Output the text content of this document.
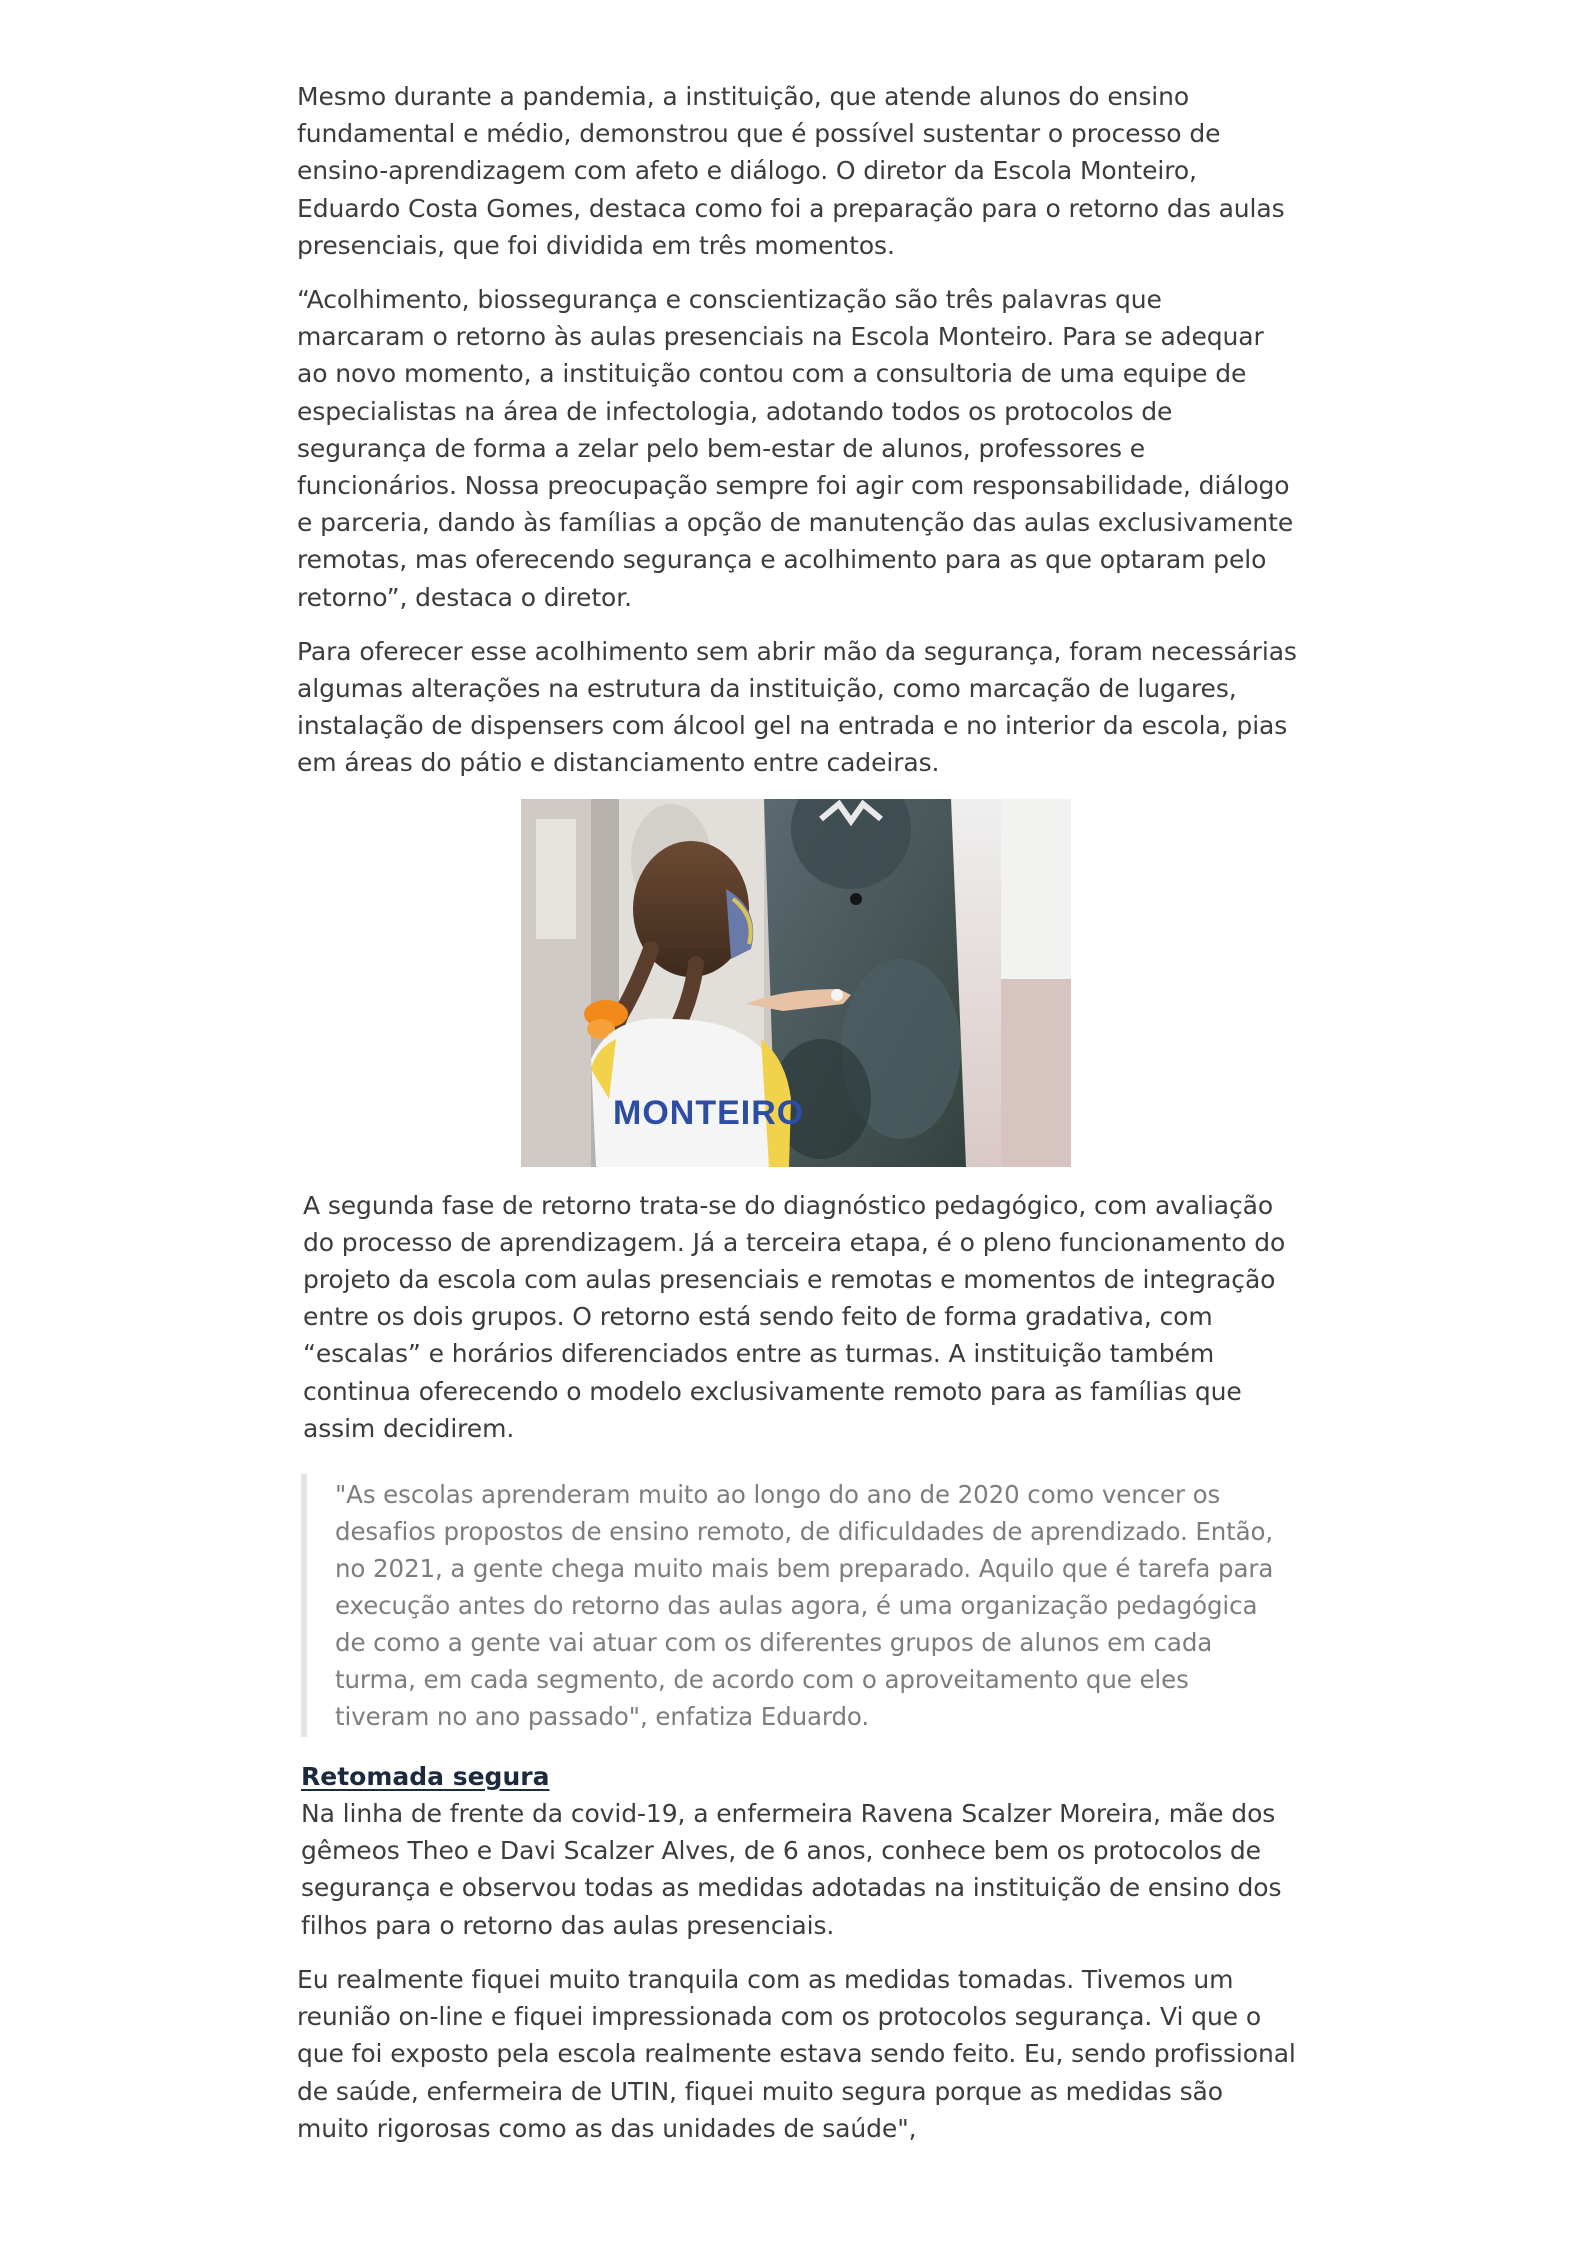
Mesmo durante a pandemia, a instituição, que atende alunos do ensino fundamental e médio, demonstrou que é possível sustentar o processo de ensino-aprendizagem com afeto e diálogo. O diretor da Escola Monteiro, Eduardo Costa Gomes, destaca como foi a preparação para o retorno das aulas presenciais, que foi dividida em três momentos.

“Acolhimento, biossegurança e conscientização são três palavras que marcaram o retorno às aulas presenciais na Escola Monteiro. Para se adequar ao novo momento, a instituição contou com a consultoria de uma equipe de especialistas na área de infectologia, adotando todos os protocolos de segurança de forma a zelar pelo bem-estar de alunos, professores e funcionários. Nossa preocupação sempre foi agir com responsabilidade, diálogo e parceria, dando às famílias a opção de manutenção das aulas exclusivamente remotas, mas oferecendo segurança e acolhimento para as que optaram pelo retorno”, destaca o diretor.

Para oferecer esse acolhimento sem abrir mão da segurança, foram necessárias algumas alterações na estrutura da instituição, como marcação de lugares, instalação de dispensers com álcool gel na entrada e no interior da escola, pias em áreas do pátio e distanciamento entre cadeiras.

MONTEIRO

A segunda fase de retorno trata-se do diagnóstico pedagógico, com avaliação do processo de aprendizagem. Já a terceira etapa, é o pleno funcionamento do projeto da escola com aulas presenciais e remotas e momentos de integração entre os dois grupos. O retorno está sendo feito de forma gradativa, com “escalas” e horários diferenciados entre as turmas. A instituição também continua oferecendo o modelo exclusivamente remoto para as famílias que assim decidirem.

"As escolas aprenderam muito ao longo do ano de 2020 como vencer os desafios propostos de ensino remoto, de dificuldades de aprendizado. Então, no 2021, a gente chega muito mais bem preparado. Aquilo que é tarefa para execução antes do retorno das aulas agora, é uma organização pedagógica de como a gente vai atuar com os diferentes grupos de alunos em cada turma, em cada segmento, de acordo com o aproveitamento que eles tiveram no ano passado", enfatiza Eduardo.

Retomada segura

Na linha de frente da covid-19, a enfermeira Ravena Scalzer Moreira, mãe dos gêmeos Theo e Davi Scalzer Alves, de 6 anos, conhece bem os protocolos de segurança e observou todas as medidas adotadas na instituição de ensino dos filhos para o retorno das aulas presenciais.

Eu realmente fiquei muito tranquila com as medidas tomadas. Tivemos um reunião on-line e fiquei impressionada com os protocolos segurança. Vi que o que foi exposto pela escola realmente estava sendo feito. Eu, sendo profissional de saúde, enfermeira de UTIN, fiquei muito segura porque as medidas são muito rigorosas como as das unidades de saúde",
